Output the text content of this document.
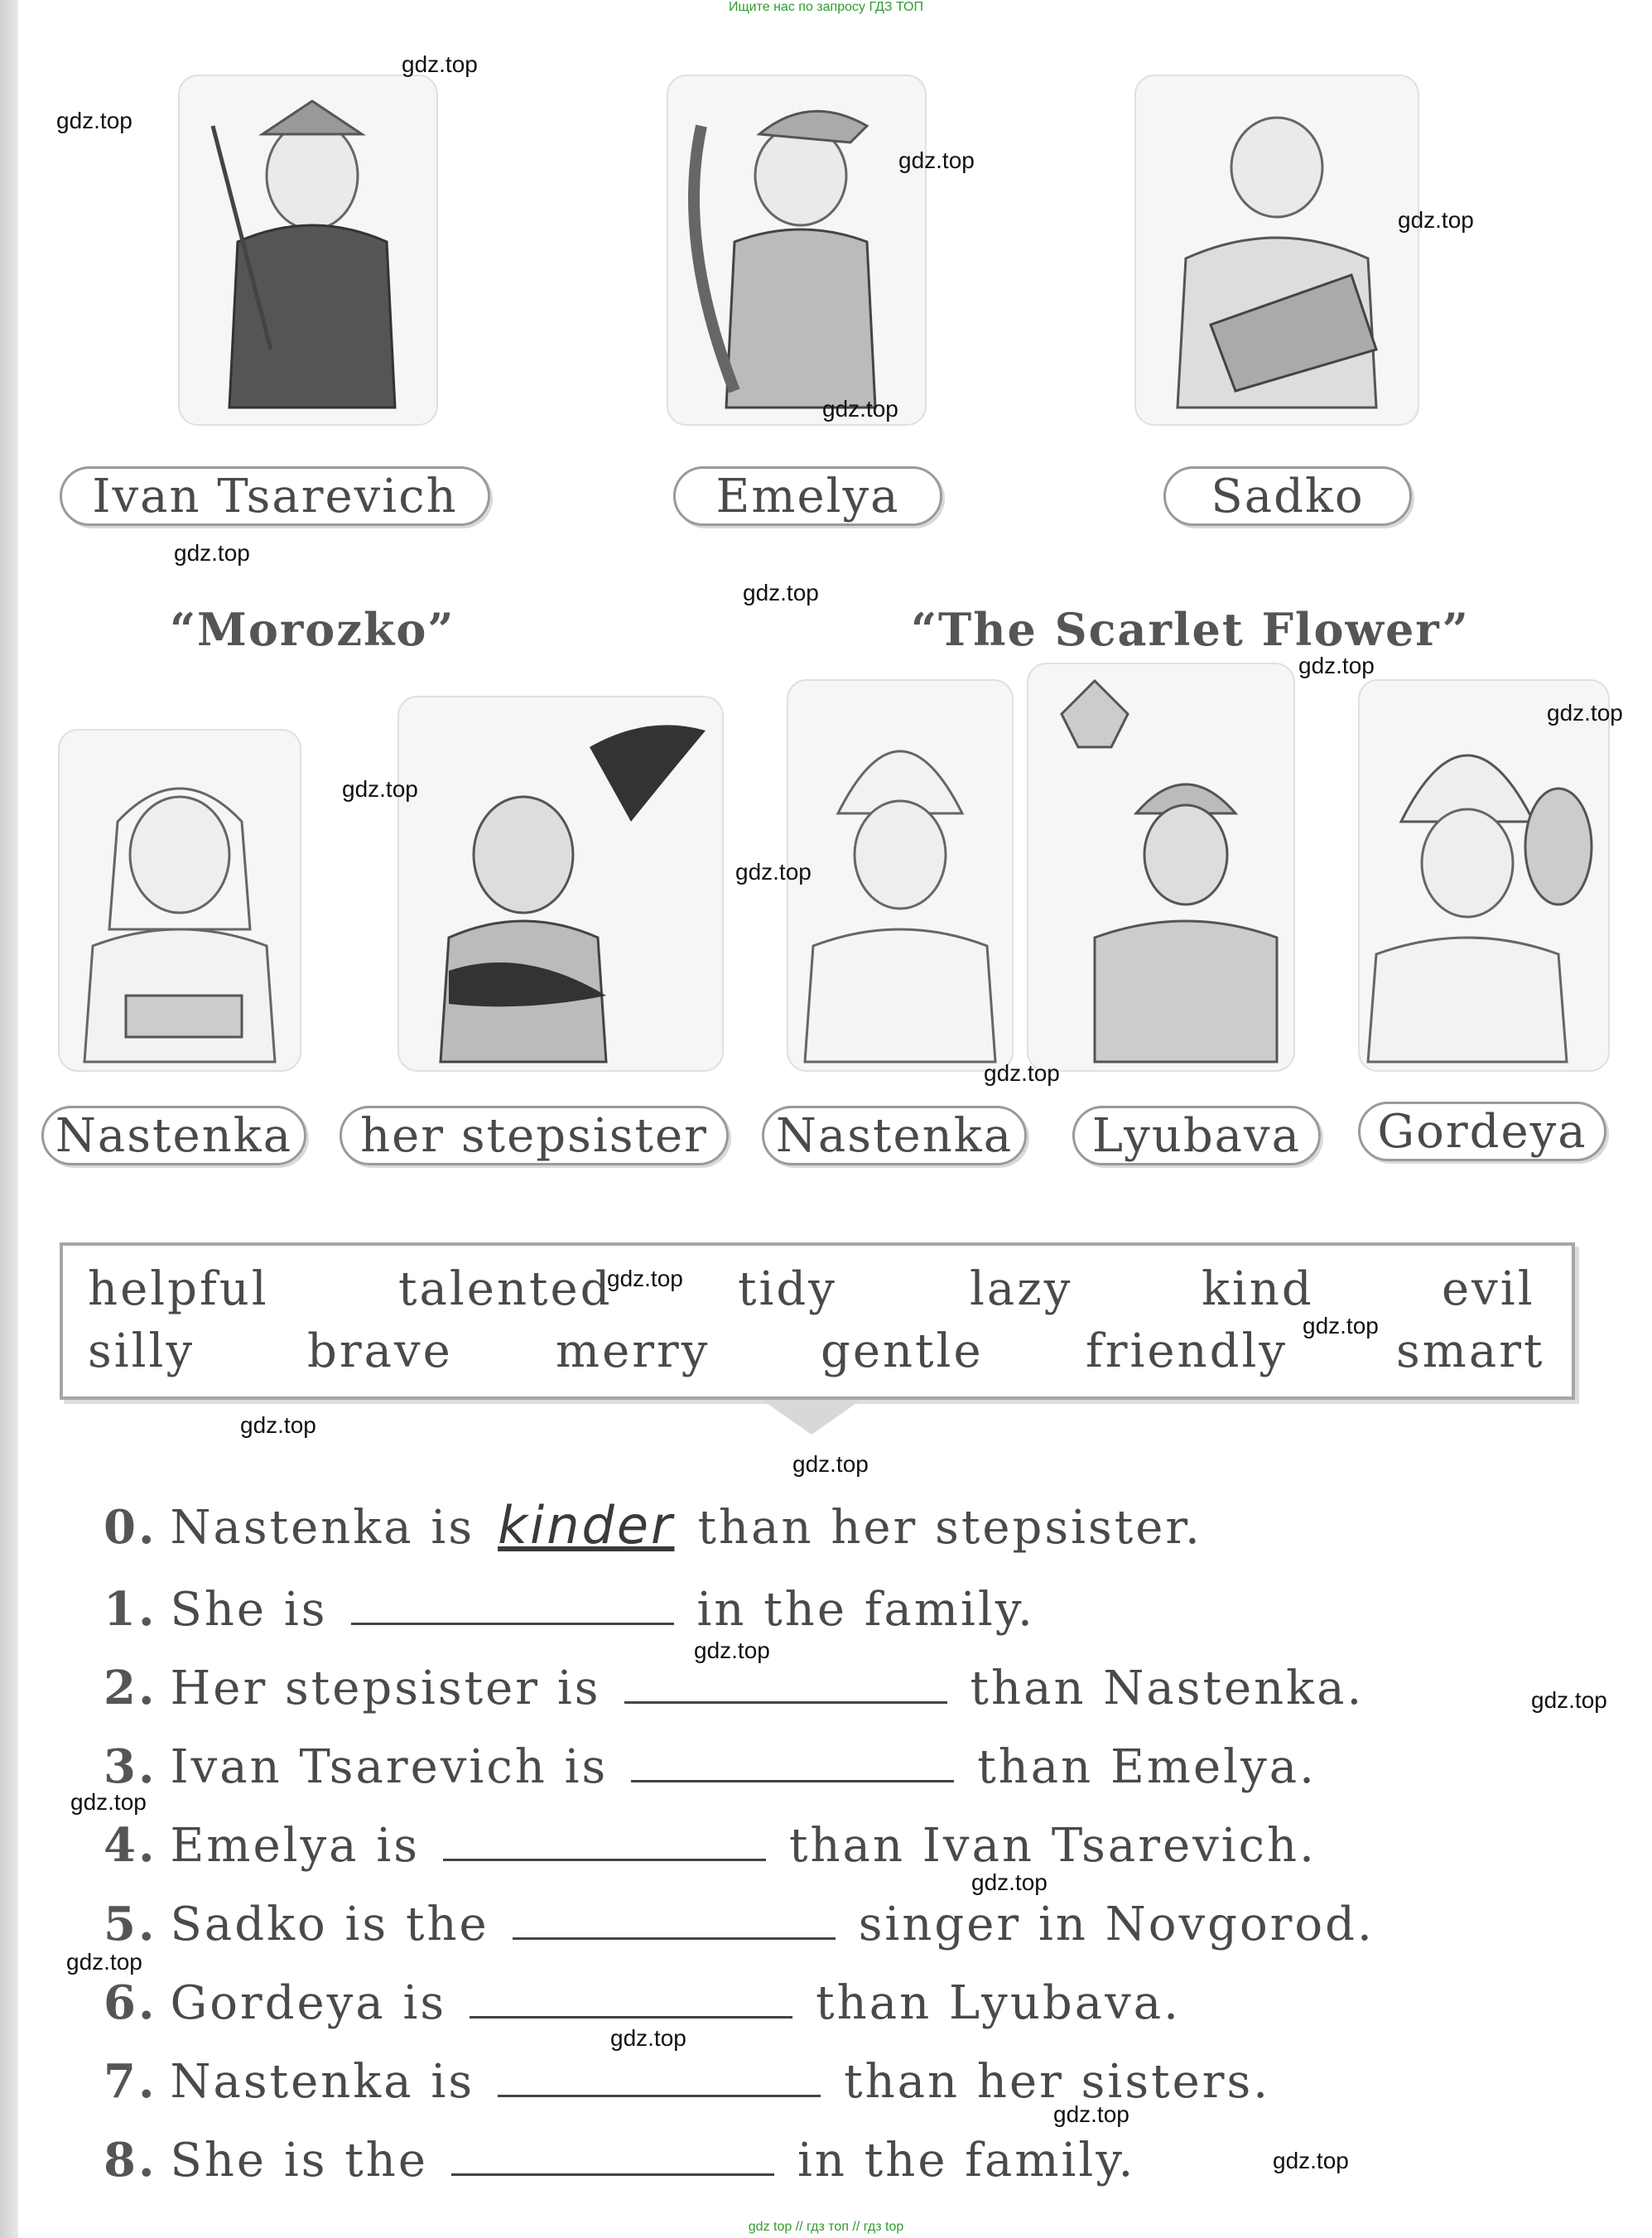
Ищите нас по запросу ГДЗ ТОП
Ivan Tsarevich	Emelya	Sadko
“Morozko”	“The Scarlet Flower”
Nastenka	her stepsister	Nastenka	Lyubava	Gordeya
helpful	talented	tidy	lazy	kind	evil
silly brave merry gentle friendly smart
0. Nastenka is kinder than her stepsister.
1. She is	in the family.
2. Her stepsister is	than Nastenka.
3. Ivan Tsarevich is	than Emelya.
4. Emelya is	than Ivan Tsarevich.
5. Sadko is the	singer in Novgorod.
6. Gordeya is	than Lyubava.
7. Nastenka is	than her sisters.
8. She is the	in the family.
gdz.top
gdz.top
gdz.top
gdz.top
gdz.top
gdz.top
gdz.top
gdz.top
gdz.top
gdz.top
gdz.top
gdz.top
gdz.top
gdz.top
gdz.top
gdz.top
gdz.top
gdz.top
gdz.top
gdz.top
gdz.top
gdz.top
gdz.top
gdz.top
gdz top // гдз топ // гдз top
